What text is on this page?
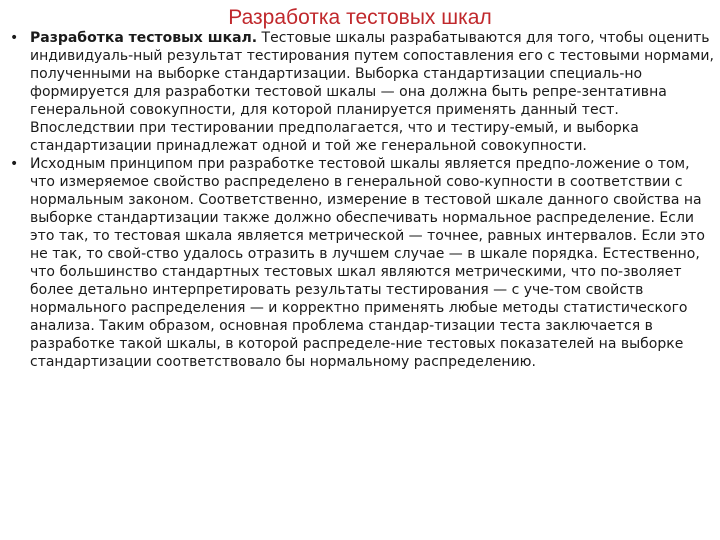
Разработка тестовых шкал
• Разработка тестовых шкал. Тестовые шкалы разрабатываются для того, чтобы оценить индивидуаль-ный результат тестирования путем сопоставления его с тестовыми нормами, полученными на выборке стандартизации. Выборка стандартизации специаль-но формируется для разработки тестовой шкалы — она должна быть репре-зентативна генеральной совокупности, для которой планируется применять данный тест. Впоследствии при тестировании предполагается, что и тестиру-емый, и выборка стандартизации принадлежат одной и той же генеральной совокупности.
• Исходным принципом при разработке тестовой шкалы является предпо-ложение о том, что измеряемое свойство распределено в генеральной сово-купности в соответствии с нормальным законом. Соответственно, измерение в тестовой шкале данного свойства на выборке стандартизации также должно обеспечивать нормальное распределение. Если это так, то тестовая шкала является метрической — точнее, равных интервалов. Если это не так, то свой-ство удалось отразить в лучшем случае — в шкале порядка. Естественно, что большинство стандартных тестовых шкал являются метрическими, что по-зволяет более детально интерпретировать результаты тестирования — с уче-том свойств нормального распределения — и корректно применять любые методы статистического анализа. Таким образом, основная проблема стандар-тизации теста заключается в разработке такой шкалы, в которой распределе-ние тестовых показателей на выборке стандартизации соответствовало бы нормальному распределению.
